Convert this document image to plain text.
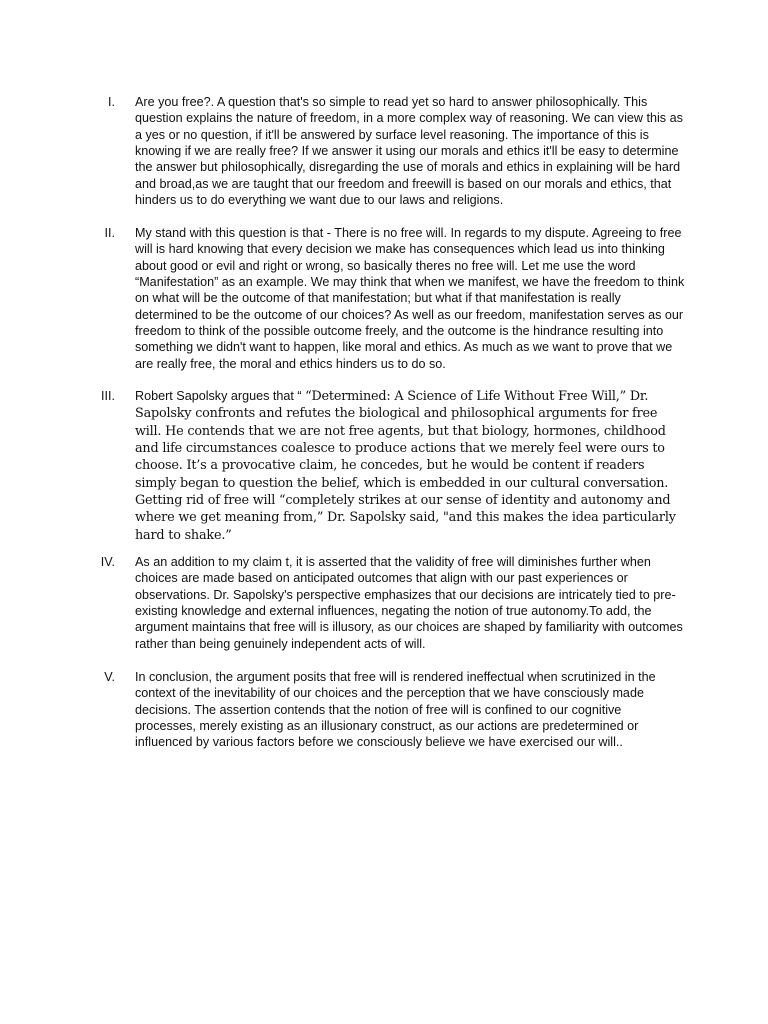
I. Are you free?. A question that's so simple to read yet so hard to answer philosophically. This question explains the nature of freedom, in a more complex way of reasoning. We can view this as a yes or no question, if it'll be answered by surface level reasoning. The importance of this is knowing if we are really free? If we answer it using our morals and ethics it'll be easy to determine the answer but philosophically, disregarding the use of morals and ethics in explaining will be hard and broad,as we are taught that our freedom and freewill is based on our morals and ethics, that hinders us to do everything we want due to our laws and religions.

II. My stand with this question is that - There is no free will. In regards to my dispute. Agreeing to free will is hard knowing that every decision we make has consequences which lead us into thinking about good or evil and right or wrong, so basically theres no free will. Let me use the word “Manifestation” as an example. We may think that when we manifest, we have the freedom to think on what will be the outcome of that manifestation; but what if that manifestation is really determined to be the outcome of our choices? As well as our freedom, manifestation serves as our freedom to think of the possible outcome freely, and the outcome is the hindrance resulting into something we didn't want to happen, like moral and ethics. As much as we want to prove that we are really free, the moral and ethics hinders us to do so.

III. Robert Sapolsky argues that “ “Determined: A Science of Life Without Free Will,” Dr. Sapolsky confronts and refutes the biological and philosophical arguments for free will. He contends that we are not free agents, but that biology, hormones, childhood and life circumstances coalesce to produce actions that we merely feel were ours to choose. It’s a provocative claim, he concedes, but he would be content if readers simply began to question the belief, which is embedded in our cultural conversation. Getting rid of free will “completely strikes at our sense of identity and autonomy and where we get meaning from,” Dr. Sapolsky said, "and this makes the idea particularly hard to shake.”

IV. As an addition to my claim t, it is asserted that the validity of free will diminishes further when choices are made based on anticipated outcomes that align with our past experiences or observations. Dr. Sapolsky's perspective emphasizes that our decisions are intricately tied to pre-existing knowledge and external influences, negating the notion of true autonomy.To add, the argument maintains that free will is illusory, as our choices are shaped by familiarity with outcomes rather than being genuinely independent acts of will.

V. In conclusion, the argument posits that free will is rendered ineffectual when scrutinized in the context of the inevitability of our choices and the perception that we have consciously made decisions. The assertion contends that the notion of free will is confined to our cognitive processes, merely existing as an illusionary construct, as our actions are predetermined or influenced by various factors before we consciously believe we have exercised our will..
